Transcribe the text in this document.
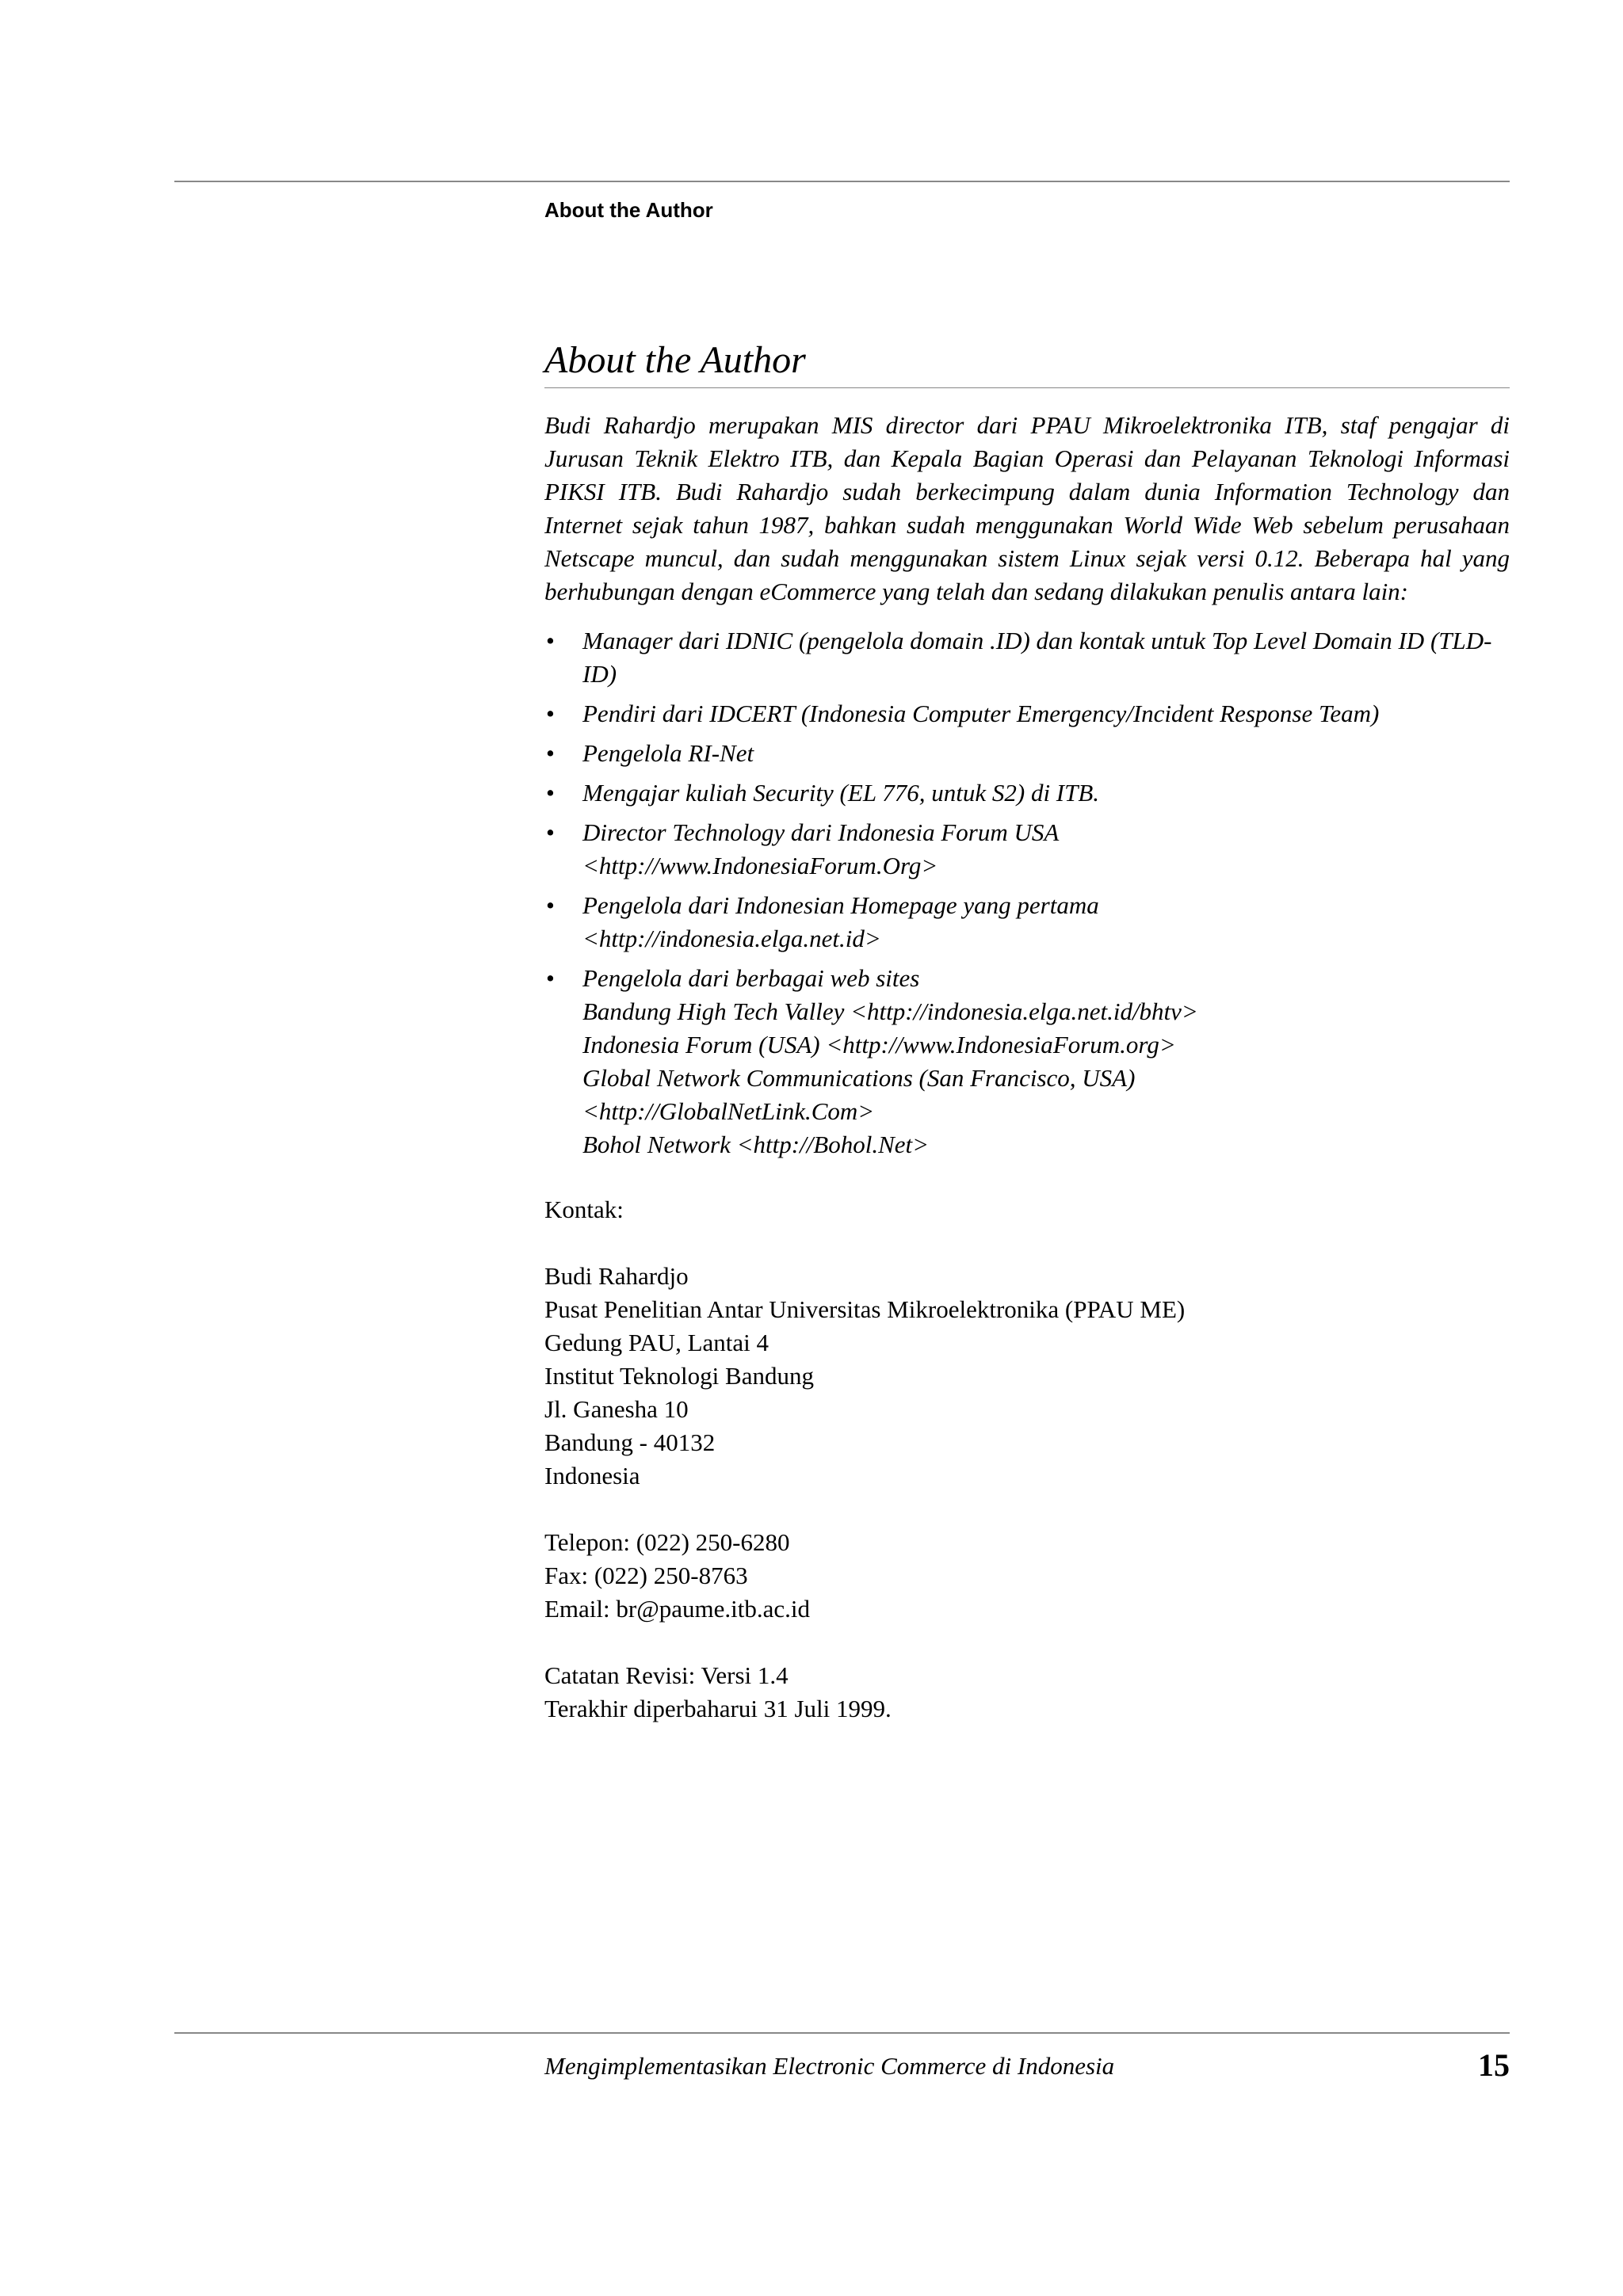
About the Author
About the Author

Budi Rahardjo merupakan MIS director dari PPAU Mikroelektronika ITB, staf pengajar di Jurusan Teknik Elektro ITB, dan Kepala Bagian Operasi dan Pelayanan Teknologi Informasi PIKSI ITB. Budi Rahardjo sudah berkecimpung dalam dunia Information Technology dan Internet sejak tahun 1987, bahkan sudah menggunakan World Wide Web sebelum perusahaan Netscape muncul, dan sudah menggunakan sistem Linux sejak versi 0.12. Beberapa hal yang berhubungan dengan eCommerce yang telah dan sedang dilakukan penulis antara lain:

• Manager dari IDNIC (pengelola domain .ID) dan kontak untuk Top Level Domain ID (TLD-ID)
• Pendiri dari IDCERT (Indonesia Computer Emergency/Incident Response Team)
• Pengelola RI-Net
• Mengajar kuliah Security (EL 776, untuk S2) di ITB.
• Director Technology dari Indonesia Forum USA
<http://www.IndonesiaForum.Org>
• Pengelola dari Indonesian Homepage yang pertama
<http://indonesia.elga.net.id>
• Pengelola dari berbagai web sites
Bandung High Tech Valley <http://indonesia.elga.net.id/bhtv>
Indonesia Forum (USA) <http://www.IndonesiaForum.org>
Global Network Communications (San Francisco, USA)
<http://GlobalNetLink.Com>
Bohol Network <http://Bohol.Net>
Kontak:
Budi Rahardjo
Pusat Penelitian Antar Universitas Mikroelektronika (PPAU ME)
Gedung PAU, Lantai 4
Institut Teknologi Bandung
Jl. Ganesha 10
Bandung - 40132
Indonesia
Telepon: (022) 250-6280
Fax: (022) 250-8763
Email: br@paume.itb.ac.id
Catatan Revisi: Versi 1.4
Terakhir diperbaharui 31 Juli 1999.
Mengimplementasikan Electronic Commerce di Indonesia	15
